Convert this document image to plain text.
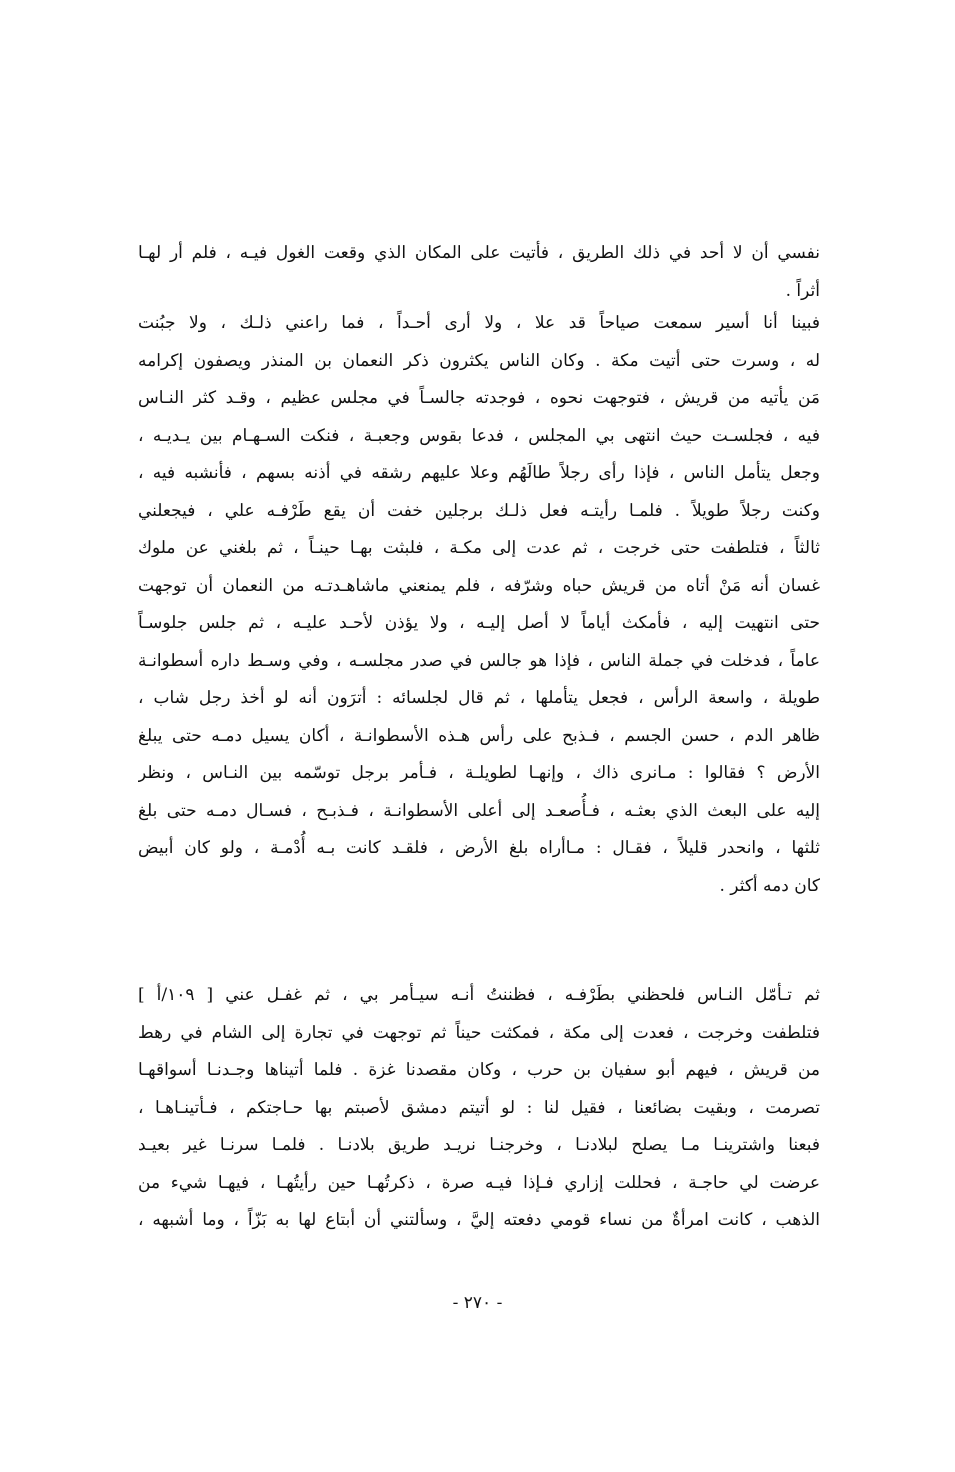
نفسي أن لا أحد في ذلك الطريق ، فأتيت على المكان الذي وقعت الغول فيـه ، فلم أر لهـا
أثراً .
فبينا أنا أسير سمعت صياحاً قد علا ، ولا أرى أحـداً ، فما راعني ذلـك ، ولا جبُنت
له ، وسرت حتى أتيت مكة . وكان الناس يكثرون ذكر النعمان بن المنذر ويصفون إكرامه
مَن يأتيه من قريش ، فتوجهت نحوه ، فوجدته جالسـاً في مجلس عظيم ، وقـد كثر النـاس
فيه ، فجلسـت حيث انتهى بي المجلس ، فدعا بقوس وجعبـة ، فنكت السـهـام بين يـديـه ،
وجعل يتأمل الناس ، فإذا رأى رجلاً طالَهُم وعلا عليهم رشقه في أذنه بسهم ، فأنشبه فيه ،
وكنت رجلاً طويلاً . فلمـا رأيتـه فعل ذلـك برجلين خفت أن يقع طَرْفـه علي ، فيجعلني
ثالثاً ، فتلطفت حتى خرجت ، ثم عدت إلى مكـة ، فلبثت بهـا حينـاً ، ثم بلغني عن ملوك
غسان أنه مَنْ أتاه من قريش حباه وشرّفه ، فلم يمنعني ماشاهـدتـه من النعمان أن توجهت
حتى انتهيت إليه ، فأمكث أياماً لا أصل إليـه ، ولا يؤذن لأحـد عليـه ، ثم جلس جلوسـاً
عاماً ، فدخلت في جملة الناس ، فإذا هو جالس في صدر مجلسـه ، وفي وسـط داره أسطوانـة
طويلة ، واسعة الرأس ، فجعل يتأملها ، ثم قال لجلسائه : أترَون أنه لو أخذ رجل شاب ،
ظاهر الدم ، حسن الجسم ، فـذبح على رأس هـذه الأسطوانـة ، أكان يسيل دمـه حتى يبلغ
الأرض ؟ فقالوا : مـانرى ذاك ، وإنهـا لطويلـة ، فـأمر برجل توسّمه بين النـاس ، ونظر
إليه على البعث الذي بعثـه ، فـأُصعـد إلى أعلى الأسطوانـة ، فـذبـح ، فسـال دمـه حتى بلغ
ثلثها ، وانحدر قليلاً ، فقـال : مـاأراه بلغ الأرض ، فلقـد كانت بـه أُدْمـة ، ولو كان أبيض
كان دمه أكثر .
ثم تـأمّل النـاس فلحظني بطَرْفـه ، فظننتُ أنـه سيـأمر بي ، ثم غفـل عني [ ١٠٩/أ ]
فتلطفت وخرجت ، فعدت إلى مكة ، فمكثت حيناً ثم توجهت في تجارة إلى الشام في رهط
من قريش ، فيهم أبو سفيان بن حرب ، وكان مقصدنا غزة . فلما أتيناها وجـدنـا أسواقهـا
تصرمت ، وبقيت بضائعنا ، فقيل لنا : لو أتيتم دمشق لأصبتم بها حـاجتكم ، فـأتينـاهـا ،
فبعنا واشترينـا مـا يصلح لبلادنـا ، وخرجنـا نريـد طريق بلادنـا . فلمـا سرنـا غير بعيـد
عرضت لي حاجـة ، فحللت إزاري فـإذا فيـه صرة ، ذكرتُهـا حين رأيتُهـا ، فيهـا شيء من
الذهب ، كانت امرأةٌ من نساء قومي دفعته إليَّ ، وسألتني أن أبتاع لها به بَزّاً ، وما أشبهه ،
- ٢٧٠ -
